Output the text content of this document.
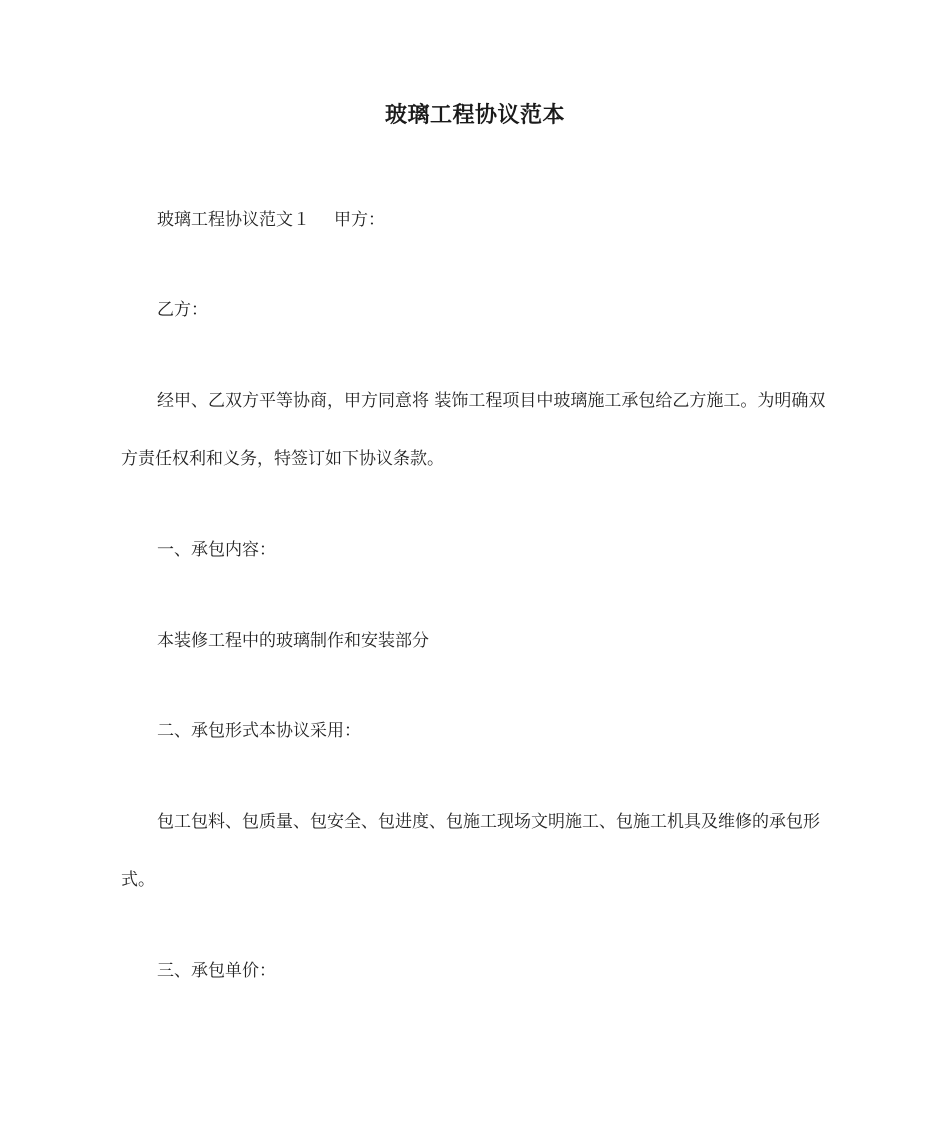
玻璃工程协议范本
玻璃工程协议范文１ 甲方：
乙方：
经甲、乙双方平等协商，甲方同意将 装饰工程项目中玻璃施工承包给乙方施工。为明确双方责任权利和义务，特签订如下协议条款。
一、承包内容：
本装修工程中的玻璃制作和安装部分
二、承包形式本协议采用：
包工包料、包质量、包安全、包进度、包施工现场文明施工、包施工机具及维修的承包形式。
三、承包单价：
